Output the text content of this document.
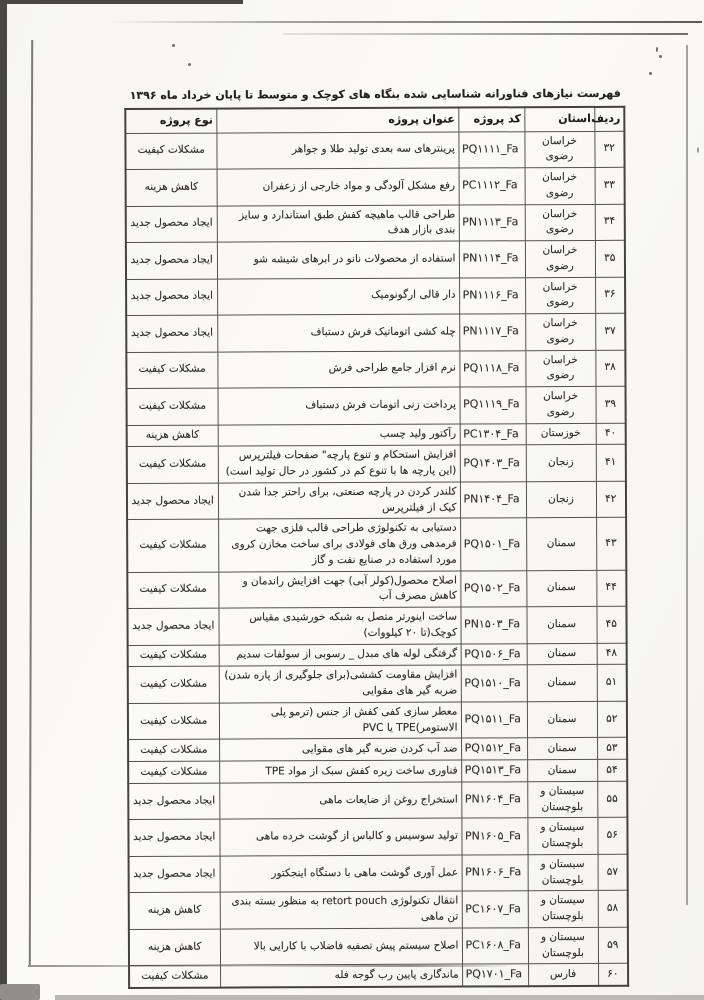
فهرست نیازهای فناورانه شناسایی شده بنگاه های کوچک و متوسط تا پایان خرداد ماه ۱۳۹۶
ردیف	استان	کد پروژه	عنوان پروژه	نوع پروژه
۳۲	خراسان رضوی	PQ۱۱۱۱_Fa	پرینترهای سه بعدی تولید طلا و جواهر	مشکلات کیفیت
۳۳	خراسان رضوی	PC۱۱۱۲_Fa	رفع مشکل آلودگی و مواد خارجی از زعفران	کاهش هزینه
۳۴	خراسان رضوی	PN۱۱۱۳_Fa	طراحی قالب ماهیچه کفش طبق استاندارد و سایز بندی بازار هدف	ایجاد محصول جدید
۳۵	خراسان رضوی	PN۱۱۱۴_Fa	استفاده از محصولات نانو در ابرهای شیشه شو	ایجاد محصول جدید
۳۶	خراسان رضوی	PN۱۱۱۶_Fa	دار قالی ارگونومیک	ایجاد محصول جدید
۳۷	خراسان رضوی	PN۱۱۱۷_Fa	چله کشی اتوماتیک فرش دستباف	ایجاد محصول جدید
۳۸	خراسان رضوی	PQ۱۱۱۸_Fa	نرم افزار جامع طراحی فرش	مشکلات کیفیت
۳۹	خراسان رضوی	PQ۱۱۱۹_Fa	پرداخت زنی اتومات فرش دستباف	مشکلات کیفیت
۴۰	خوزستان	PC۱۳۰۴_Fa	رآکتور ولید چسب	کاهش هزینه
۴۱	زنجان	PQ۱۴۰۳_Fa	افزایش استحکام و تنوع پارچه" صفحات فیلترپرس (این پارچه ها با تنوع کم در کشور در حال تولید است)	مشکلات کیفیت
۴۲	زنجان	PN۱۴۰۴_Fa	کلندر کردن در پارچه صنعتی، برای راحتر جدا شدن کیک از فیلترپرس	ایجاد محصول جدید
۴۳	سمنان	PQ۱۵۰۱_Fa	دستیابی به تکنولوژی طراحی قالب فلزی جهت فرمدهی ورق های فولادی برای ساخت مخازن کروی مورد استفاده در صنایع نفت و گاز	مشکلات کیفیت
۴۴	سمنان	PQ۱۵۰۲_Fa	اصلاح محصول(کولر آبی) جهت افزایش راندمان و کاهش مصرف آب	مشکلات کیفیت
۴۵	سمنان	PN۱۵۰۳_Fa	ساخت اینورتر متصل به شبکه خورشیدی مقیاس کوچک(تا ۲۰ کیلووات)	ایجاد محصول جدید
۴۸	سمنان	PQ۱۵۰۶_Fa	گرفتگی لوله های مبدل _ رسوبی از سولفات سدیم	مشکلات کیفیت
۵۱	سمنان	PQ۱۵۱۰_Fa	افزایش مقاومت کششی(برای جلوگیری از پاره شدن) ضربه گیر های مقوایی	مشکلات کیفیت
۵۲	سمنان	PQ۱۵۱۱_Fa	معطر سازی کفی کفش از جنس (ترمو پلی الاستومر)TPE یا PVC	مشکلات کیفیت
۵۳	سمنان	PQ۱۵۱۲_Fa	ضد آب کردن ضربه گیر های مقوایی	مشکلات کیفیت
۵۴	سمنان	PQ۱۵۱۳_Fa	فناوری ساخت زیره کفش سبک از مواد TPE	مشکلات کیفیت
۵۵	سیستان و بلوچستان	PN۱۶۰۴_Fa	استخراج روغن از ضایعات ماهی	ایجاد محصول جدید
۵۶	سیستان و بلوچستان	PN۱۶۰۵_Fa	تولید سوسیس و کالباس از گوشت خرده ماهی	ایجاد محصول جدید
۵۷	سیستان و بلوچستان	PN۱۶۰۶_Fa	عمل آوری گوشت ماهی با دستگاه اینجکتور	ایجاد محصول جدید
۵۸	سیستان و بلوچستان	PC۱۶۰۷_Fa	انتقال تکنولوژی retort pouch به منظور بسته بندی تن ماهی	کاهش هزینه
۵۹	سیستان و بلوچستان	PC۱۶۰۸_Fa	اصلاح سیستم پیش تصفیه فاضلاب با کارایی بالا	کاهش هزینه
۶۰	فارس	PQ۱۷۰۱_Fa	ماندگاری پایین رب گوجه فله	مشکلات کیفیت
